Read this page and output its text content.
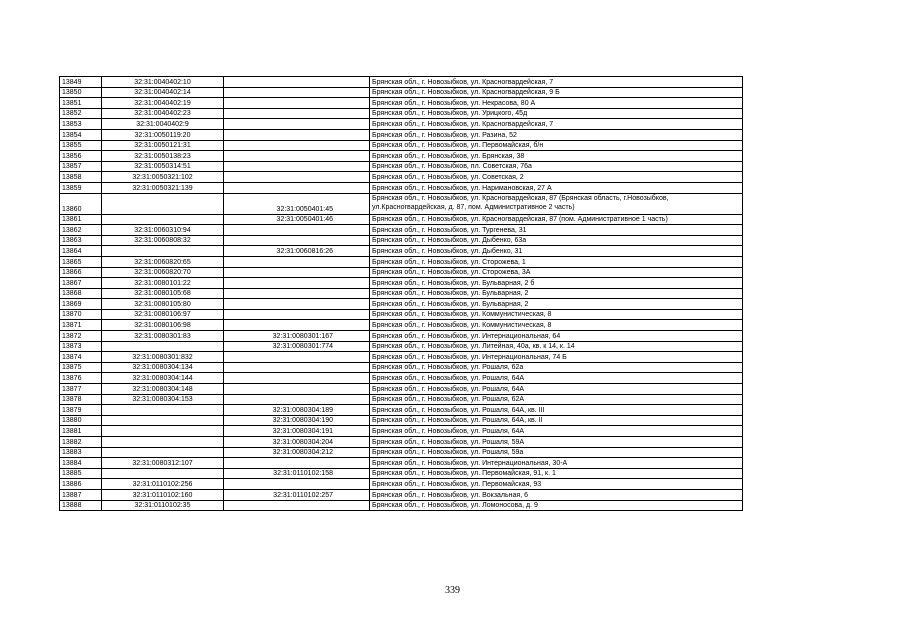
13849	32:31:0040402:10		Брянская обл., г. Новозыбков, ул. Красногвардейская, 7
13850	32:31:0040402:14		Брянская обл., г. Новозыбков, ул. Красногвардейская, 9 Б
13851	32:31:0040402:19		Брянская обл., г. Новозыбков, ул. Некрасова, 80 А
13852	32:31:0040402:23		Брянская обл., г. Новозыбков, ул. Урицкого, 45д
13853	32:31:0040402:9		Брянская обл., г. Новозыбков, ул. Красногвардейская, 7
13854	32:31:0050119:20		Брянская обл., г. Новозыбков, ул. Разина, 52
13855	32:31:0050121:31		Брянская обл., г. Новозыбков, ул. Первомайская, б/н
13856	32:31:0050138:23		Брянская обл., г. Новозыбков, ул. Брянская, 38
13857	32:31:0050314:51		Брянская обл., г. Новозыбков, пл. Советская, 76а
13858	32:31:0050321:102		Брянская обл., г. Новозыбков, ул. Советская, 2
13859	32:31:0050321:139		Брянская обл., г. Новозыбков, ул. Наримановская, 27 А
13860		32:31:0050401:45	Брянская обл., г. Новозыбков, ул. Красногвардейская, 87 (Брянская область, г.Новозыбков, ул.Красногвардейская, д. 87, пом. Административное 2 часть)
13861		32:31:0050401:46	Брянская обл., г. Новозыбков, ул. Красногвардейская, 87 (пом. Административное 1 часть)
13862	32:31:0060310:94		Брянская обл., г. Новозыбков, ул. Тургенева, 31
13863	32:31:0060808:32		Брянская обл., г. Новозыбков, ул. Дыбенко, 63а
13864		32:31:0060816:26	Брянская обл., г. Новозыбков, ул. Дыбенко, 31
13865	32:31:0060820:65		Брянская обл., г. Новозыбков, ул. Сторожева, 1
13866	32:31:0060820:70		Брянская обл., г. Новозыбков, ул. Сторожева, 3А
13867	32:31:0080101:22		Брянская обл., г. Новозыбков, ул. Бульварная, 2 б
13868	32:31:0080105:68		Брянская обл., г. Новозыбков, ул. Бульварная, 2
13869	32:31:0080105:80		Брянская обл., г. Новозыбков, ул. Бульварная, 2
13870	32:31:0080106:97		Брянская обл., г. Новозыбков, ул. Коммунистическая, 8
13871	32:31:0080106:98		Брянская обл., г. Новозыбков, ул. Коммунистическая, 8
13872	32:31:0080301:83	32:31:0080301:167	Брянская обл., г. Новозыбков, ул. Интернациональная, 64
13873		32:31:0080301:774	Брянская обл., г. Новозыбков, ул. Литейная, 40а, кв. к 14, к. 14
13874	32:31:0080301:832		Брянская обл., г. Новозыбков, ул. Интернациональная, 74 Б
13875	32:31:0080304:134		Брянская обл., г. Новозыбков, ул. Рошаля, 62а
13876	32:31:0080304:144		Брянская обл., г. Новозыбков, ул. Рошаля, 64А
13877	32:31:0080304:148		Брянская обл., г. Новозыбков, ул. Рошаля, 64А
13878	32:31:0080304:153		Брянская обл., г. Новозыбков, ул. Рошаля, 62А
13879		32:31:0080304:189	Брянская обл., г. Новозыбков, ул. Рошаля, 64А, кв. III
13880		32:31:0080304:190	Брянская обл., г. Новозыбков, ул. Рошаля, 64А, кв. II
13881		32:31:0080304:191	Брянская обл., г. Новозыбков, ул. Рошаля, 64А
13882		32:31:0080304:204	Брянская обл., г. Новозыбков, ул. Рошаля, 59А
13883		32:31:0080304:212	Брянская обл., г. Новозыбков, ул. Рошаля, 59а
13884	32:31:0080312:107		Брянская обл., г. Новозыбков, ул. Интернациональная, 30-А
13885		32:31:0110102:158	Брянская обл., г. Новозыбков, ул. Первомайская, 91, к. 1
13886	32:31:0110102:256		Брянская обл., г. Новозыбков, ул. Первомайская, 93
13887	32:31:0110102:160	32:31:0110102:257	Брянская обл., г. Новозыбков, ул. Вокзальная, 6
13888	32:31:0110102:35		Брянская обл., г. Новозыбков, ул. Ломоносова, д. 9
339
